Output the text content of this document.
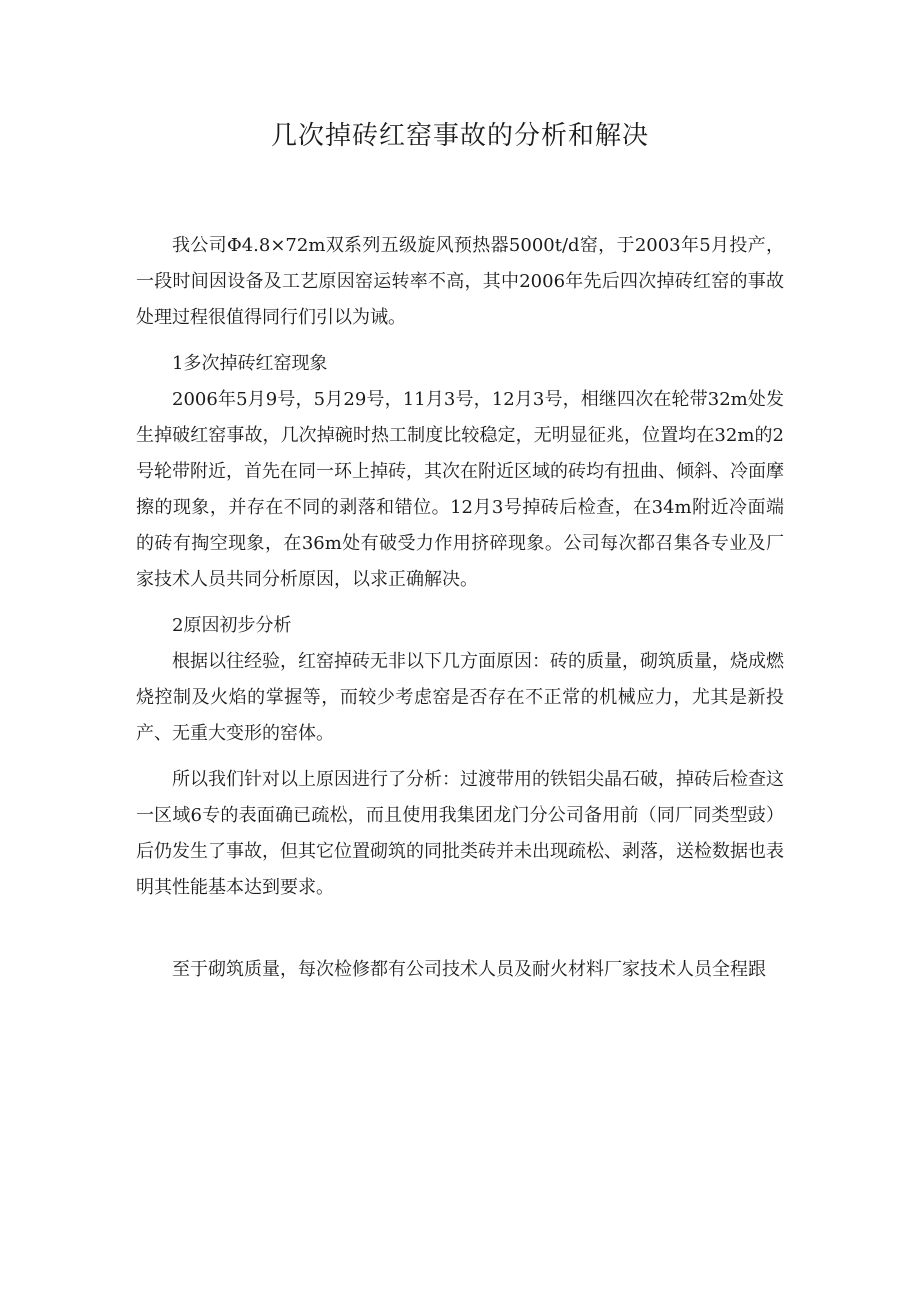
几次掉砖红窑事故的分析和解决

我公司Φ4.8×72m双系列五级旋风预热器5000t/d窑，于2003年5月投产，一段时间因设备及工艺原因窑运转率不高，其中2006年先后四次掉砖红窑的事故处理过程很值得同行们引以为诫。

1多次掉砖红窑现象

2006年5月9号，5月29号，11月3号，12月3号，相继四次在轮带32m处发生掉破红窑事故，几次掉碗时热工制度比较稳定，无明显征兆，位置均在32m的2号轮带附近，首先在同一环上掉砖，其次在附近区域的砖均有扭曲、倾斜、冷面摩擦的现象，并存在不同的剥落和错位。12月3号掉砖后检查，在34m附近冷面端的砖有掏空现象，在36m处有破受力作用挤碎现象。公司每次都召集各专业及厂家技术人员共同分析原因，以求正确解决。

2原因初步分析

根据以往经验，红窑掉砖无非以下几方面原因：砖的质量，砌筑质量，烧成燃烧控制及火焰的掌握等，而较少考虑窑是否存在不正常的机械应力，尤其是新投产、无重大变形的窑体。

所以我们针对以上原因进行了分析：过渡带用的铁铝尖晶石破，掉砖后检查这一区域6专的表面确已疏松，而且使用我集团龙门分公司备用前（同厂同类型豉）后仍发生了事故，但其它位置砌筑的同批类砖并未出现疏松、剥落，送检数据也表明其性能基本达到要求。

至于砌筑质量，每次检修都有公司技术人员及耐火材料厂家技术人员全程跟
